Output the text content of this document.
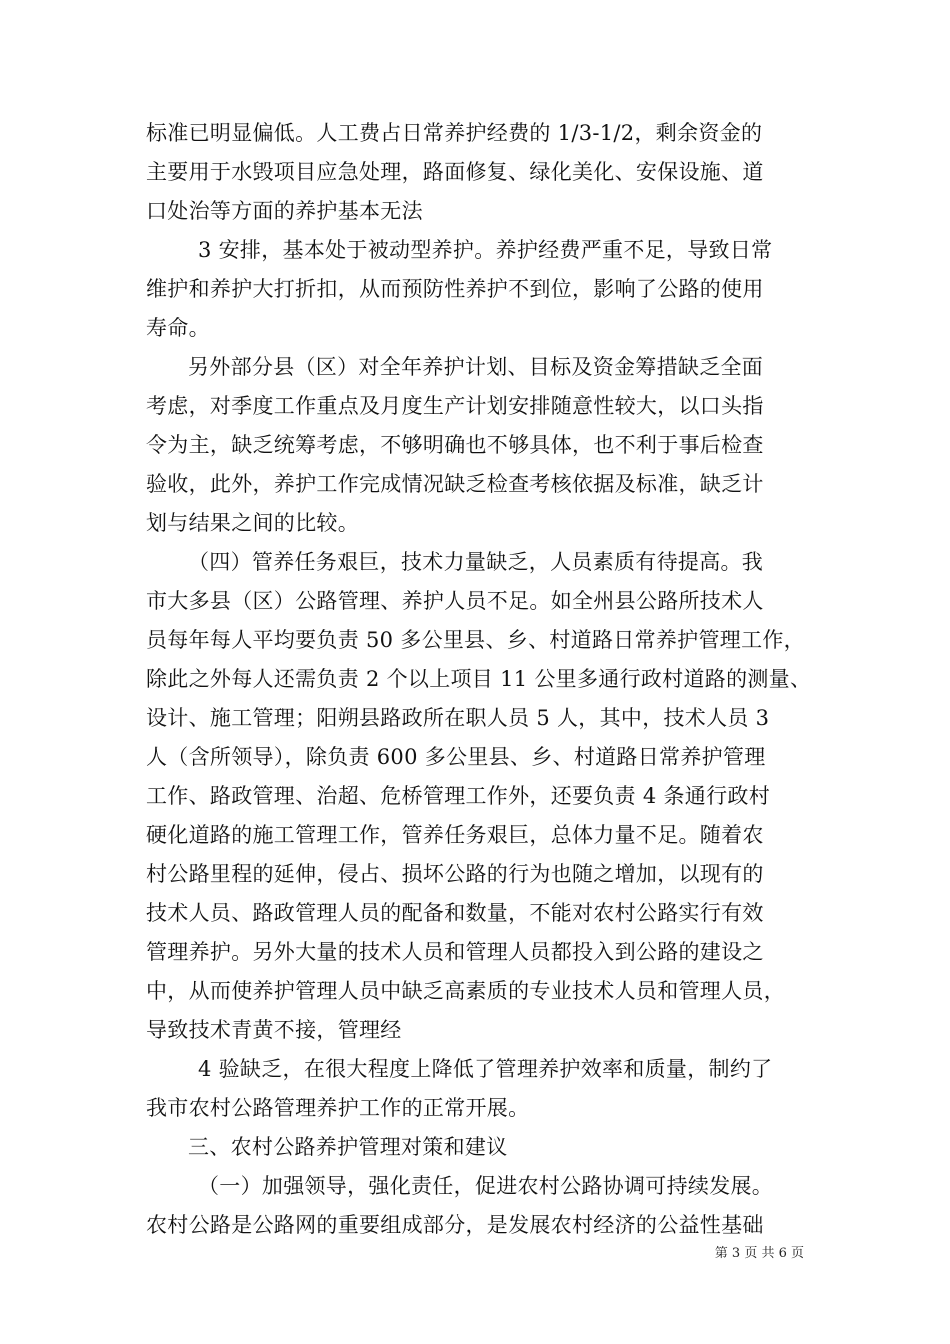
标准已明显偏低。人工费占日常养护经费的 1/3-1/2，剩余资金的
主要用于水毁项目应急处理，路面修复、绿化美化、安保设施、道
口处治等方面的养护基本无法
3 安排，基本处于被动型养护。养护经费严重不足，导致日常
维护和养护大打折扣，从而预防性养护不到位，影响了公路的使用
寿命。
另外部分县（区）对全年养护计划、目标及资金筹措缺乏全面
考虑，对季度工作重点及月度生产计划安排随意性较大，以口头指
令为主，缺乏统筹考虑，不够明确也不够具体，也不利于事后检查
验收，此外，养护工作完成情况缺乏检查考核依据及标准，缺乏计
划与结果之间的比较。
（四）管养任务艰巨，技术力量缺乏，人员素质有待提高。我
市大多县（区）公路管理、养护人员不足。如全州县公路所技术人
员每年每人平均要负责 50 多公里县、乡、村道路日常养护管理工作，
除此之外每人还需负责 2 个以上项目 11 公里多通行政村道路的测量、
设计、施工管理；阳朔县路政所在职人员 5 人，其中，技术人员 3
人（含所领导），除负责 600 多公里县、乡、村道路日常养护管理
工作、路政管理、治超、危桥管理工作外，还要负责 4 条通行政村
硬化道路的施工管理工作，管养任务艰巨，总体力量不足。随着农
村公路里程的延伸，侵占、损坏公路的行为也随之增加，以现有的
技术人员、路政管理人员的配备和数量，不能对农村公路实行有效
管理养护。另外大量的技术人员和管理人员都投入到公路的建设之
中，从而使养护管理人员中缺乏高素质的专业技术人员和管理人员，
导致技术青黄不接，管理经
4 验缺乏，在很大程度上降低了管理养护效率和质量，制约了
我市农村公路管理养护工作的正常开展。
三、农村公路养护管理对策和建议
（一）加强领导，强化责任，促进农村公路协调可持续发展。
农村公路是公路网的重要组成部分，是发展农村经济的公益性基础
第 3 页 共 6 页
